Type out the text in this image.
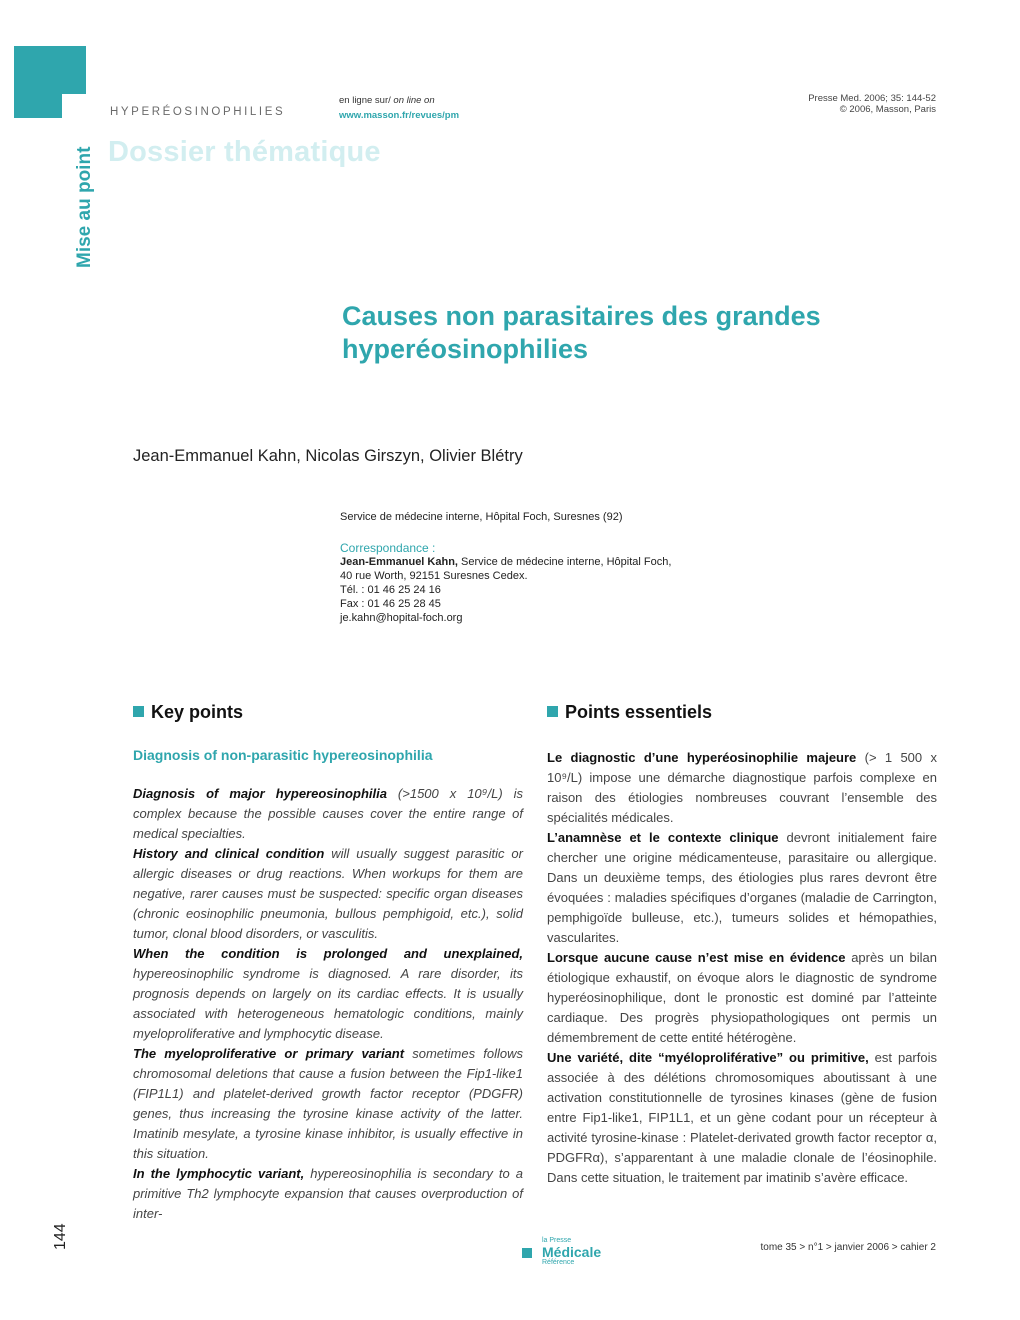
HYPERÉOSINOPHILIES
Dossier thématique
Mise au point
en ligne sur/ on line on
www.masson.fr/revues/pm
Presse Med. 2006; 35: 144-52
© 2006, Masson, Paris
Causes non parasitaires des grandes hyperéosinophilies
Jean-Emmanuel Kahn, Nicolas Girszyn, Olivier Blétry
Service de médecine interne, Hôpital Foch, Suresnes (92)
Correspondance :
Jean-Emmanuel Kahn, Service de médecine interne, Hôpital Foch,
40 rue Worth, 92151 Suresnes Cedex.
Tél. : 01 46 25 24 16
Fax : 01 46 25 28 45
je.kahn@hopital-foch.org
Key points
Diagnosis of non-parasitic hypereosinophilia

Diagnosis of major hypereosinophilia (>1500 x 10⁹/L) is complex because the possible causes cover the entire range of medical specialties.

History and clinical condition will usually suggest parasitic or allergic diseases or drug reactions. When workups for them are negative, rarer causes must be suspected: specific organ diseases (chronic eosinophilic pneumonia, bullous pemphigoid, etc.), solid tumor, clonal blood disorders, or vasculitis.

When the condition is prolonged and unexplained, hypereosinophilic syndrome is diagnosed. A rare disorder, its prognosis depends on largely on its cardiac effects. It is usually associated with heterogeneous hematologic conditions, mainly myeloproliferative and lymphocytic disease.

The myeloproliferative or primary variant sometimes follows chromosomal deletions that cause a fusion between the Fip1-like1 (FIP1L1) and platelet-derived growth factor receptor (PDGFR) genes, thus increasing the tyrosine kinase activity of the latter. Imatinib mesylate, a tyrosine kinase inhibitor, is usually effective in this situation.

In the lymphocytic variant, hypereosinophilia is secondary to a primitive Th2 lymphocyte expansion that causes overproduction of inter-

Points essentiels

Le diagnostic d’une hyperéosinophilie majeure (> 1 500 x 10⁹/L) impose une démarche diagnostique parfois complexe en raison des étiologies nombreuses couvrant l’ensemble des spécialités médicales.

L’anamnèse et le contexte clinique devront initialement faire chercher une origine médicamenteuse, parasitaire ou allergique. Dans un deuxième temps, des étiologies plus rares devront être évoquées : maladies spécifiques d’organes (maladie de Carrington, pemphigoïde bulleuse, etc.), tumeurs solides et hémopathies, vascularites.

Lorsque aucune cause n’est mise en évidence après un bilan étiologique exhaustif, on évoque alors le diagnostic de syndrome hyperéosinophilique, dont le pronostic est dominé par l’atteinte cardiaque. Des progrès physiopathologiques ont permis un démembrement de cette entité hétérogène.

Une variété, dite “myéloproliférative” ou primitive, est parfois associée à des délétions chromosomiques aboutissant à une activation constitutionnelle de tyrosines kinases (gène de fusion entre Fip1-like1, FIP1L1, et un gène codant pour un récepteur à activité tyrosine-kinase : Platelet-derivated growth factor receptor α, PDGFRα), s’apparentant à une maladie clonale de l’éosinophile. Dans cette situation, le traitement par imatinib s’avère efficace.

144	la Presse
Médicale
Référence
tome 35 > n°1 > janvier 2006 > cahier 2
